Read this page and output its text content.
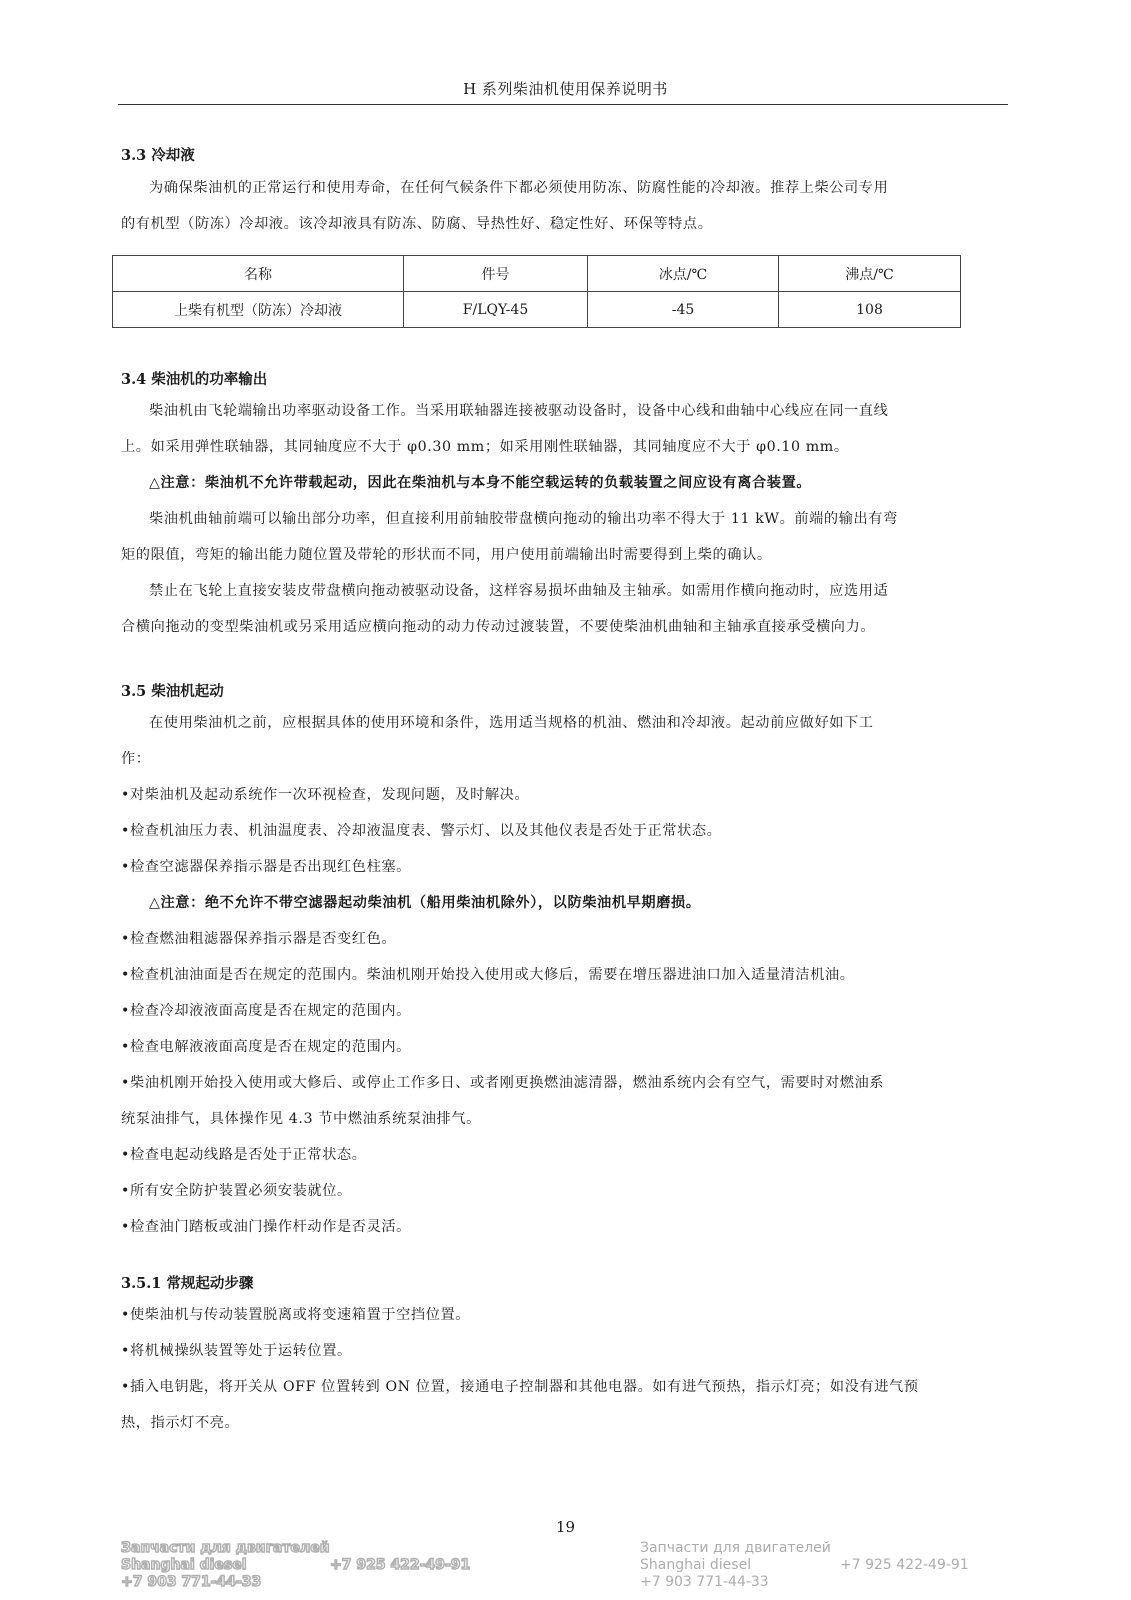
H 系列柴油机使用保养说明书
3.3 冷却液
为确保柴油机的正常运行和使用寿命，在任何气候条件下都必须使用防冻、防腐性能的冷却液。推荐上柴公司专用
的有机型（防冻）冷却液。该冷却液具有防冻、防腐、导热性好、稳定性好、环保等特点。
名称	件号	冰点/℃	沸点/℃
上柴有机型（防冻）冷却液	F/LQY-45	-45	108
3.4 柴油机的功率输出
柴油机由飞轮端输出功率驱动设备工作。当采用联轴器连接被驱动设备时，设备中心线和曲轴中心线应在同一直线
上。如采用弹性联轴器，其同轴度应不大于 φ0.30 mm；如采用刚性联轴器，其同轴度应不大于 φ0.10 mm。
△注意：柴油机不允许带载起动，因此在柴油机与本身不能空载运转的负载装置之间应设有离合装置。
柴油机曲轴前端可以输出部分功率，但直接利用前轴胶带盘横向拖动的输出功率不得大于 11 kW。前端的输出有弯
矩的限值，弯矩的输出能力随位置及带轮的形状而不同，用户使用前端输出时需要得到上柴的确认。
禁止在飞轮上直接安装皮带盘横向拖动被驱动设备，这样容易损坏曲轴及主轴承。如需用作横向拖动时，应选用适
合横向拖动的变型柴油机或另采用适应横向拖动的动力传动过渡装置，不要使柴油机曲轴和主轴承直接承受横向力。
3.5 柴油机起动
在使用柴油机之前，应根据具体的使用环境和条件，选用适当规格的机油、燃油和冷却液。起动前应做好如下工
作：
•对柴油机及起动系统作一次环视检查，发现问题，及时解决。
•检查机油压力表、机油温度表、冷却液温度表、警示灯、以及其他仪表是否处于正常状态。
•检查空滤器保养指示器是否出现红色柱塞。
△注意：绝不允许不带空滤器起动柴油机（船用柴油机除外），以防柴油机早期磨损。
•检查燃油粗滤器保养指示器是否变红色。
•检查机油油面是否在规定的范围内。柴油机刚开始投入使用或大修后，需要在增压器进油口加入适量清洁机油。
•检查冷却液液面高度是否在规定的范围内。
•检查电解液液面高度是否在规定的范围内。
•柴油机刚开始投入使用或大修后、或停止工作多日、或者刚更换燃油滤清器，燃油系统内会有空气，需要时对燃油系
统泵油排气，具体操作见 4.3 节中燃油系统泵油排气。
•检查电起动线路是否处于正常状态。
•所有安全防护装置必须安装就位。
•检查油门踏板或油门操作杆动作是否灵活。
3.5.1 常规起动步骤
•使柴油机与传动装置脱离或将变速箱置于空挡位置。
•将机械操纵装置等处于运转位置。
•插入电钥匙，将开关从 OFF 位置转到 ON 位置，接通电子控制器和其他电器。如有进气预热，指示灯亮；如没有进气预
热，指示灯不亮。
19
Запчасти для двигателей
Shanghai diesel
+7 903 771-44-33
+7 925 422-49-91
Запчасти для двигателей
Shanghai diesel
+7 903 771-44-33
+7 925 422-49-91
